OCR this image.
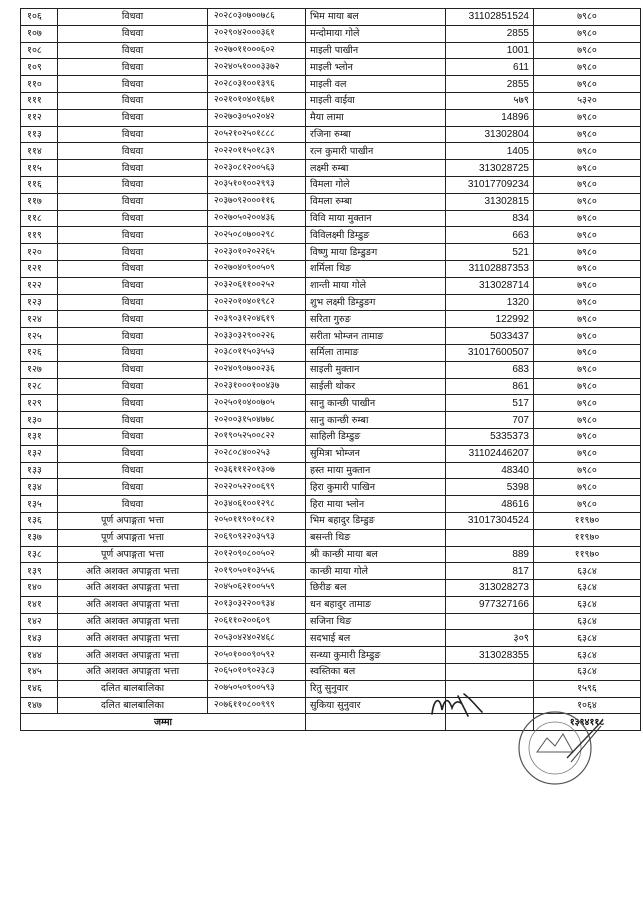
१०६	विधवा	२०२८०३०७००७८६	भिम माया बल	31102851524	७९८०
१०७	विधवा	२०२९०४२०००३६१	मन्दोमाया गोले	2855	७९८०
१०८	विधवा	२०२७०११०००६०२	माइली पाखीन	1001	७९८०
१०९	विधवा	२०२४०५१०००३३७२	माइली भ्लोन	611	७९८०
११०	विधवा	२०२८०३१००१३९६	माइली वल	2855	७९८०
१११	विधवा	२०२१०१०४०१६७१	माइली वाईवा	५७९	५३२०
११२	विधवा	२०२७०३०५०२०४२	मैया लामा	14896	७९८०
११३	विधवा	२०५२१०२५०१८८८	रजिना रुम्बा	31302804	७९८०
११४	विधवा	२०२२०११५०१८३९	रत्न कुमारी पाखीन	1405	७९८०
११५	विधवा	२०२३०८१२००५६३	लक्ष्मी रुम्बा	313028725	७९८०
११६	विधवा	२०३५१०१००२९९३	विमला गोले	31017709234	७९८०
११७	विधवा	२०३७०९२०००११६	विमला रुम्बा	31302815	७९८०
११८	विधवा	२०२७०५०२००४३६	विवि माया मुक्तान	834	७९८०
११९	विधवा	२०२५०८०७००२९८	विविलक्ष्मी डिम्डुङ	663	७९८०
१२०	विधवा	२०२३०१०२०२२६५	विष्णु माया डिम्डुङग	521	७९८०
१२१	विधवा	२०२७०४०९००५०९	शर्मिला थिङ	31102887353	७९८०
१२२	विधवा	२०३२०६११००२५२	शान्ती माया गोले	313028714	७९८०
१२३	विधवा	२०२२०१०४०१९८२	शुभ लक्ष्मी डिम्डुङग	1320	७९८०
१२४	विधवा	२०३९०३१२०४६१९	सरिता गुरुङ	122992	७९८०
१२५	विधवा	२०३३०३२९००२२६	सरीता भोम्जन तामाङ	5033437	७९८०
१२६	विधवा	२०३८०११५०३५५३	सर्मिला तामाङ	31017600507	७९८०
१२७	विधवा	२०२४०९०७००२३६	साइली मुक्तान	683	७९८०
१२८	विधवा	२०२३१०००१००४३७	साईली थोकर	861	७९८०
१२९	विधवा	२०२५०१०४००७०५	सानु कान्छी पाखीन	517	७९८०
१३०	विधवा	२०२००३१५०४७७८	सानु कान्छी रुम्बा	707	७९८०
१३१	विधवा	२०१९०५२५००८२२	साहिली डिम्डुङ	5335373	७९८०
१३२	विधवा	२०२८०८४००२५३	सुमित्रा भोम्जन	31102446207	७९८०
१३३	विधवा	२०३६१११२०१३०७	हस्त माया मुक्तान	48340	७९८०
१३४	विधवा	२०२२०५२२००६९९	हिरा कुमारी पाखिन	5398	७९८०
१३५	विधवा	२०३४०६१००१२९८	हिरा माया भ्लोन	48616	७९८०
१३६	पूर्ण अपाङ्गता भत्ता	२०५०११९०१०८१२	भिम बहादुर डिम्डुङ	31017304524	११९७०
१३७	पूर्ण अपाङ्गता भत्ता	२०६९०९२२०३५९३	बसन्ती थिङ		११९७०
१३८	पूर्ण अपाङ्गता भत्ता	२०१२०९०८००५०२	श्री कान्छी माया बल	889	११९७०
१३९	अति अशक्त अपाङ्गता भत्ता	२०१९०५०१०३५५६	कान्छी माया गोले	817	६३८४
१४०	अति अशक्त अपाङ्गता भत्ता	२०४५०६२१००५५९	छिरीङ बल	313028273	६३८४
१४१	अति अशक्त अपाङ्गता भत्ता	२०१३०३२२००९३४	धन बहादुर तामाङ	977327166	६३८४
१४२	अति अशक्त अपाङ्गता भत्ता	२०६११०२००६०९	सजिना थिङ		६३८४
१४३	अति अशक्त अपाङ्गता भत्ता	२०५३०४२४०२४६८	सदभाई बल	३०९	६३८४
१४४	अति अशक्त अपाङ्गता भत्ता	२०५०१०००९०५९२	सन्ध्या कुमारी डिम्डुङ	313028355	६३८४
१४५	अति अशक्त अपाङ्गता भत्ता	२०६५०१०९०२३८३	स्वस्तिका बल		६३८४
१४६	दलित बालबालिका	२०७५०५०९००५९३	रितु सुनुवार		१५९६
१४७	दलित बालबालिका	२०७६११०८००९९९	सुकिया सुनुवार		१०६४
जम्मा					१३९४११८
